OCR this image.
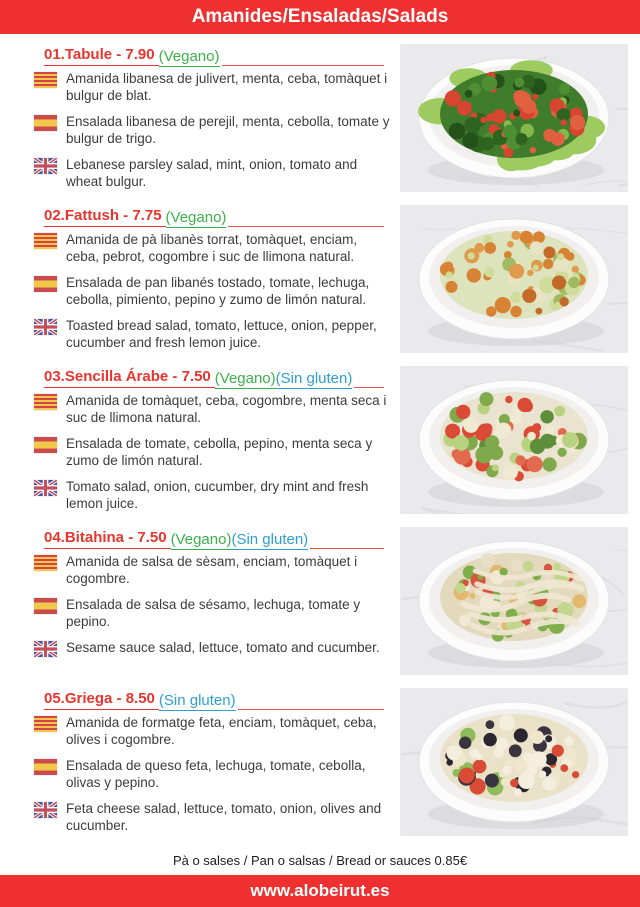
Amanides/Ensaladas/Salads
01.Tabule - 7.90 (Vegano)

Amanida libanesa de julivert, menta, ceba, tomàquet i bulgur de blat.

Ensalada libanesa de perejil, menta, cebolla, tomate y bulgur de trigo.

Lebanese parsley salad, mint, onion, tomato and wheat bulgur.

02.Fattush - 7.75 (Vegano)

Amanida de pà libanès torrat, tomàquet, enciam, ceba, pebrot, cogombre i suc de llimona natural.

Ensalada de pan libanés tostado, tomate, lechuga, cebolla, pimiento, pepino y zumo de limón natural.

Toasted bread salad, tomato, lettuce, onion, pepper, cucumber and fresh lemon juice.

03.Sencilla Árabe - 7.50 (Vegano)(Sin gluten)

Amanida de tomàquet, ceba, cogombre, menta seca i suc de llimona natural.

Ensalada de tomate, cebolla, pepino, menta seca y zumo de limón natural.

Tomato salad, onion, cucumber, dry mint and fresh lemon juice.

04.Bitahina - 7.50 (Vegano)(Sin gluten)

Amanida de salsa de sèsam, enciam, tomàquet i cogombre.

Ensalada de salsa de sésamo, lechuga, tomate y pepino.

Sesame sauce salad, lettuce, tomato and cucumber.

05.Griega - 8.50 (Sin gluten)

Amanida de formatge feta, enciam, tomàquet, ceba, olives i cogombre.

Ensalada de queso feta, lechuga, tomate, cebolla, olivas y pepino.

Feta cheese salad, lettuce, tomato, onion, olives and cucumber.

Pà o salses / Pan o salsas / Bread or sauces 0.85€
www.alobeirut.es
